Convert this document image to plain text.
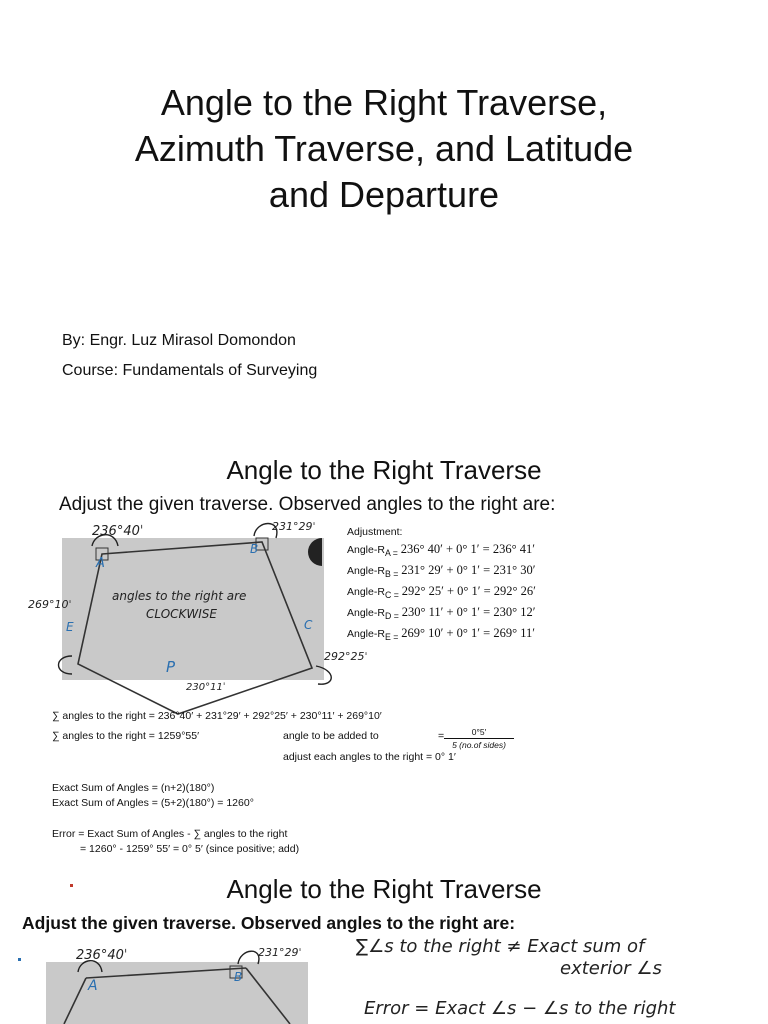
Angle to the Right Traverse,
Azimuth Traverse, and Latitude
and Departure
By: Engr. Luz Mirasol Domondon
Course: Fundamentals of Surveying
Angle to the Right Traverse
Adjust the given traverse. Observed angles to the right are:
236°40ˈ	231°29ˈ
292°25ˈ
230°11ˈ
269°10ˈ
A
B
C
P
E
angles to the right are
CLOCKWISE
Adjustment:
Angle-$R_{A =}$ 236° 40′ + 0° 1′ = 236° 41′
Angle-$R_{B =}$ 231° 29′ + 0° 1′ = 231° 30′
Angle-$R_{C =}$ 292° 25′ + 0° 1′ = 292° 26′
Angle-$R_{D =}$ 230° 11′ + 0° 1′ = 230° 12′
Angle-$R_{E =}$ 269° 10′ + 0° 1′ = 269° 11′
∑ angles to the right = 236°40′ + 231°29′ + 292°25′ + 230°11′ + 269°10′
∑ angles to the right = 1259°55′	angle to be added to	=	0°5′
5 (no.of sides)
adjust each angles to the right = 0° 1′
Exact Sum of Angles = (n+2)(180°)
Exact Sum of Angles = (5+2)(180°) = 1260°
Error = Exact Sum of Angles - ∑ angles to the right
= 1260° - 1259° 55′ = 0° 5′ (since positive; add)
Angle to the Right Traverse
Adjust the given traverse. Observed angles to the right are:
236°40ˈ	231°29ˈ
A
B
∑∠s to the right ≠ Exact sum of
exterior ∠s
Error = Exact ∠s − ∠s to the right
